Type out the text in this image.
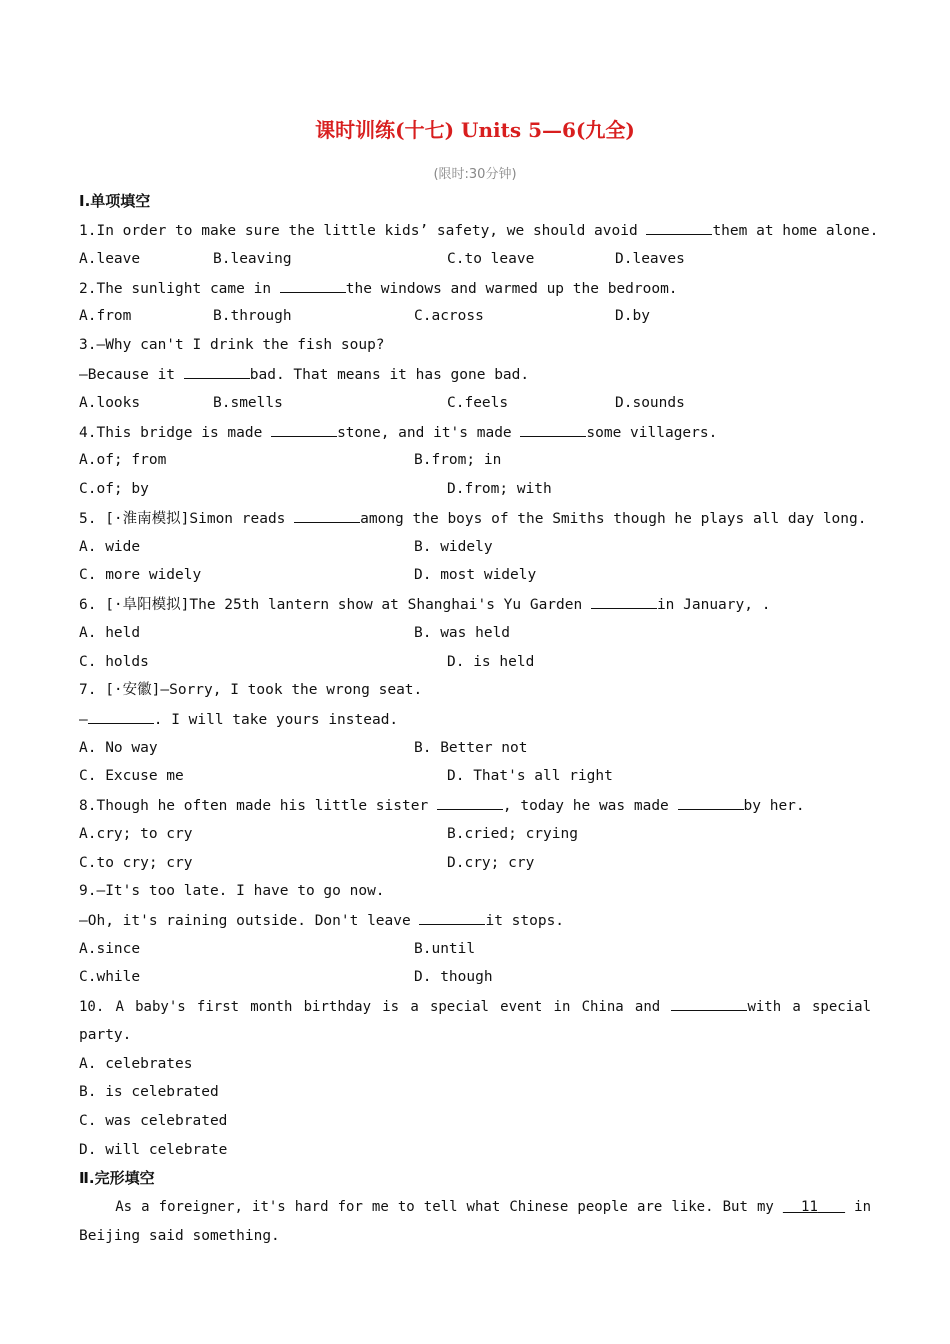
课时训练(十七) Units 5—6(九全)
(限时:30分钟)
Ⅰ.单项填空
1.In order to make sure the little kids’ safety, we should avoid	them at home alone.
A.leave	B.leaving	C.to leave	D.leaves
2.The sunlight came in	the windows and warmed up the bedroom.
A.from	B.through	C.across	D.by
3.—Why can't I drink the fish soup?
—Because it	bad. That means it has gone bad.
A.looks	B.smells	C.feels	D.sounds
4.This bridge is made	stone, and it's made	some villagers.
A.of; from	B.from; in
C.of; by	D.from; with
5. [·淮南模拟]Simon reads	among the boys of the Smiths though he plays all day long.
A. wide	B. widely
C. more widely	D. most widely
6. [·阜阳模拟]The 25th lantern show at Shanghai's Yu Garden	in January, .
A. held	B. was held
C. holds	D. is held
7. [·安徽]—Sorry, I took the wrong seat.
—	. I will take yours instead.
A. No way	B. Better not
C. Excuse me	D. That's all right
8.Though he often made his little sister	, today he was made	by her.
A.cry; to cry	B.cried; crying
C.to cry; cry	D.cry; cry
9.—It's too late. I have to go now.
—Oh, it's raining outside. Don't leave	it stops.
A.since	B.until
C.while	D. though
10. A baby's first month birthday is a special event in China and	with a special
party.
A. celebrates
B. is celebrated
C. was celebrated
D. will celebrate
Ⅱ.完形填空
As a foreigner, it's hard for me to tell what Chinese people are like. But my   11    in
Beijing said something.
